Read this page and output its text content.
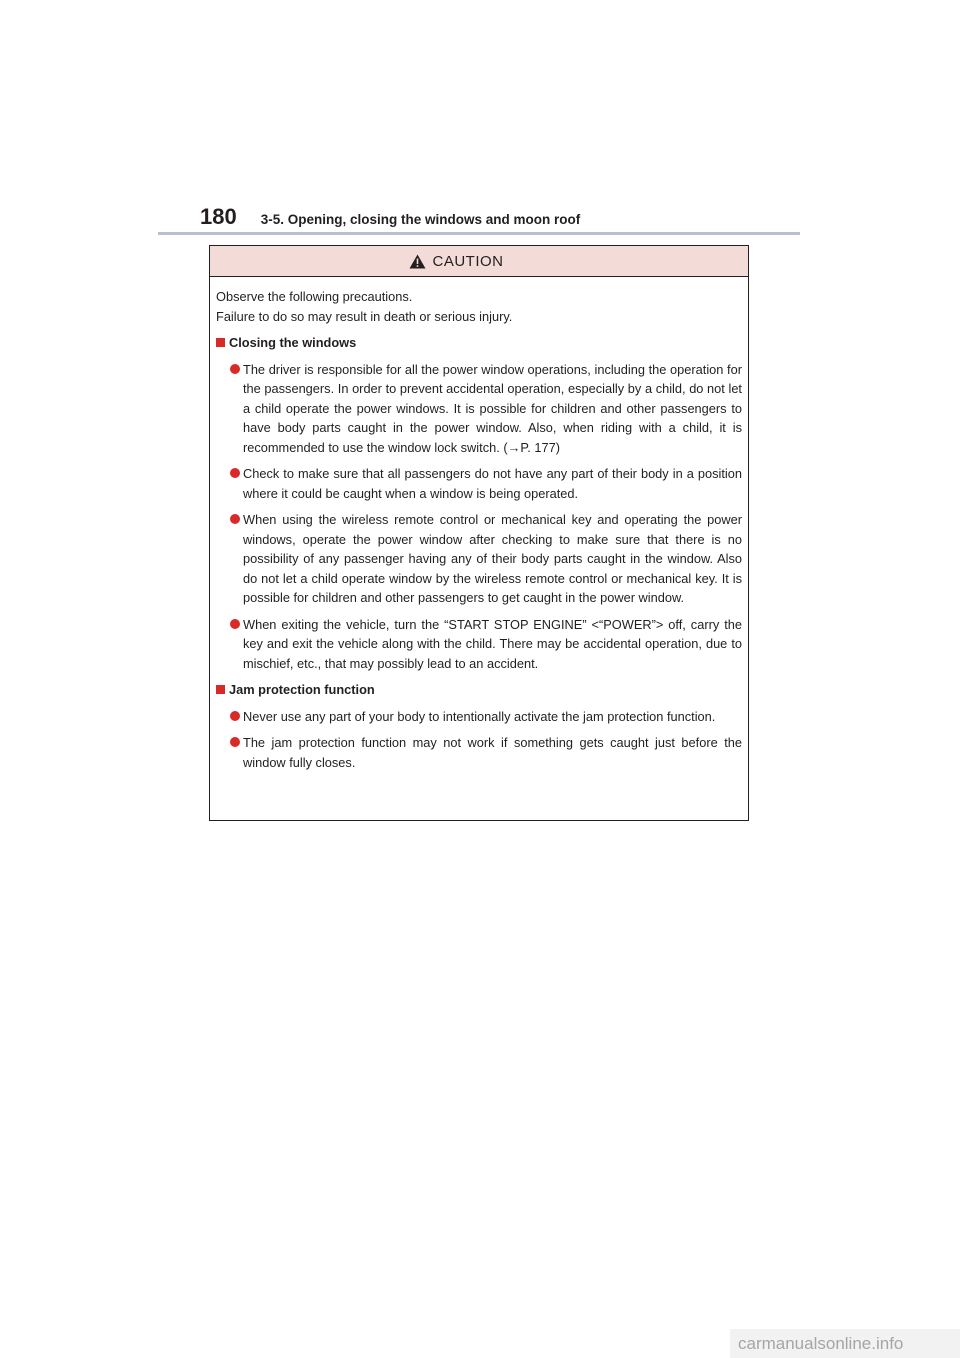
180 3-5. Opening, closing the windows and moon roof
CAUTION

Observe the following precautions.

Failure to do so may result in death or serious injury.

Closing the windows
The driver is responsible for all the power window operations, including the operation for the passengers. In order to prevent accidental operation, especially by a child, do not let a child operate the power windows. It is possible for children and other passengers to have body parts caught in the power window. Also, when riding with a child, it is recommended to use the window lock switch. (→P. 177)
Check to make sure that all passengers do not have any part of their body in a position where it could be caught when a window is being operated.
When using the wireless remote control or mechanical key and operating the power windows, operate the power window after checking to make sure that there is no possibility of any passenger having any of their body parts caught in the window. Also do not let a child operate window by the wireless remote control or mechanical key. It is possible for children and other passengers to get caught in the power window.
When exiting the vehicle, turn the “START STOP ENGINE” <“POWER”> off, carry the key and exit the vehicle along with the child. There may be accidental operation, due to mischief, etc., that may possibly lead to an accident.
Jam protection function
Never use any part of your body to intentionally activate the jam protection function.
The jam protection function may not work if something gets caught just before the window fully closes.
carmanualsonline.info
